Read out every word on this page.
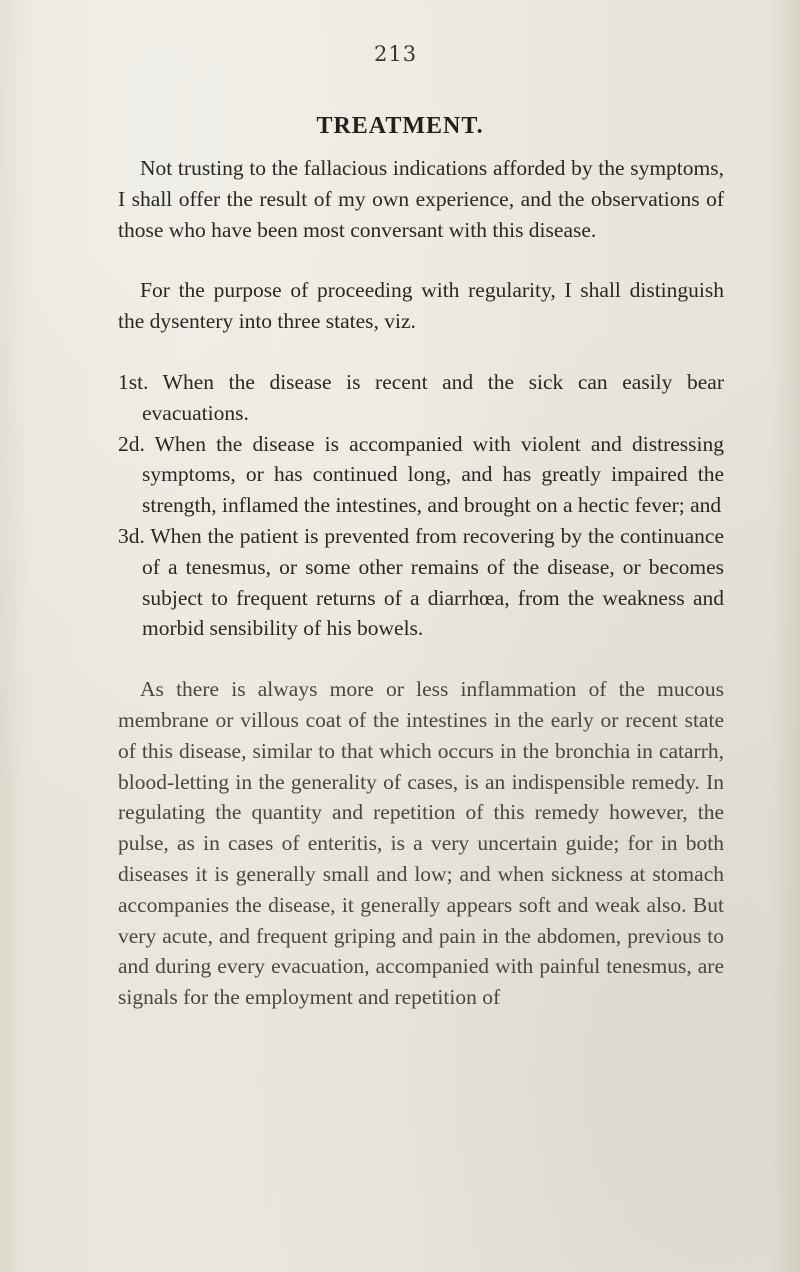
213
TREATMENT.

Not trusting to the fallacious indications afforded by the symptoms, I shall offer the result of my own experience, and the observations of those who have been most conversant with this disease.

For the purpose of proceeding with regularity, I shall distinguish the dysentery into three states, viz.

1st. When the disease is recent and the sick can easily bear evacuations.

2d. When the disease is accompanied with violent and distressing symptoms, or has continued long, and has greatly impaired the strength, inflamed the intestines, and brought on a hectic fever; and

3d. When the patient is prevented from recovering by the continuance of a tenesmus, or some other remains of the disease, or becomes subject to frequent returns of a diarrhœa, from the weakness and morbid sensibility of his bowels.

As there is always more or less inflammation of the mucous membrane or villous coat of the intestines in the early or recent state of this disease, similar to that which occurs in the bronchia in catarrh, blood-letting in the generality of cases, is an indispensible remedy. In regulating the quantity and repetition of this remedy however, the pulse, as in cases of enteritis, is a very uncertain guide; for in both diseases it is generally small and low; and when sickness at stomach accompanies the disease, it generally appears soft and weak also. But very acute, and frequent griping and pain in the abdomen, previous to and during every evacuation, accompanied with painful tenesmus, are signals for the employment and repetition of
